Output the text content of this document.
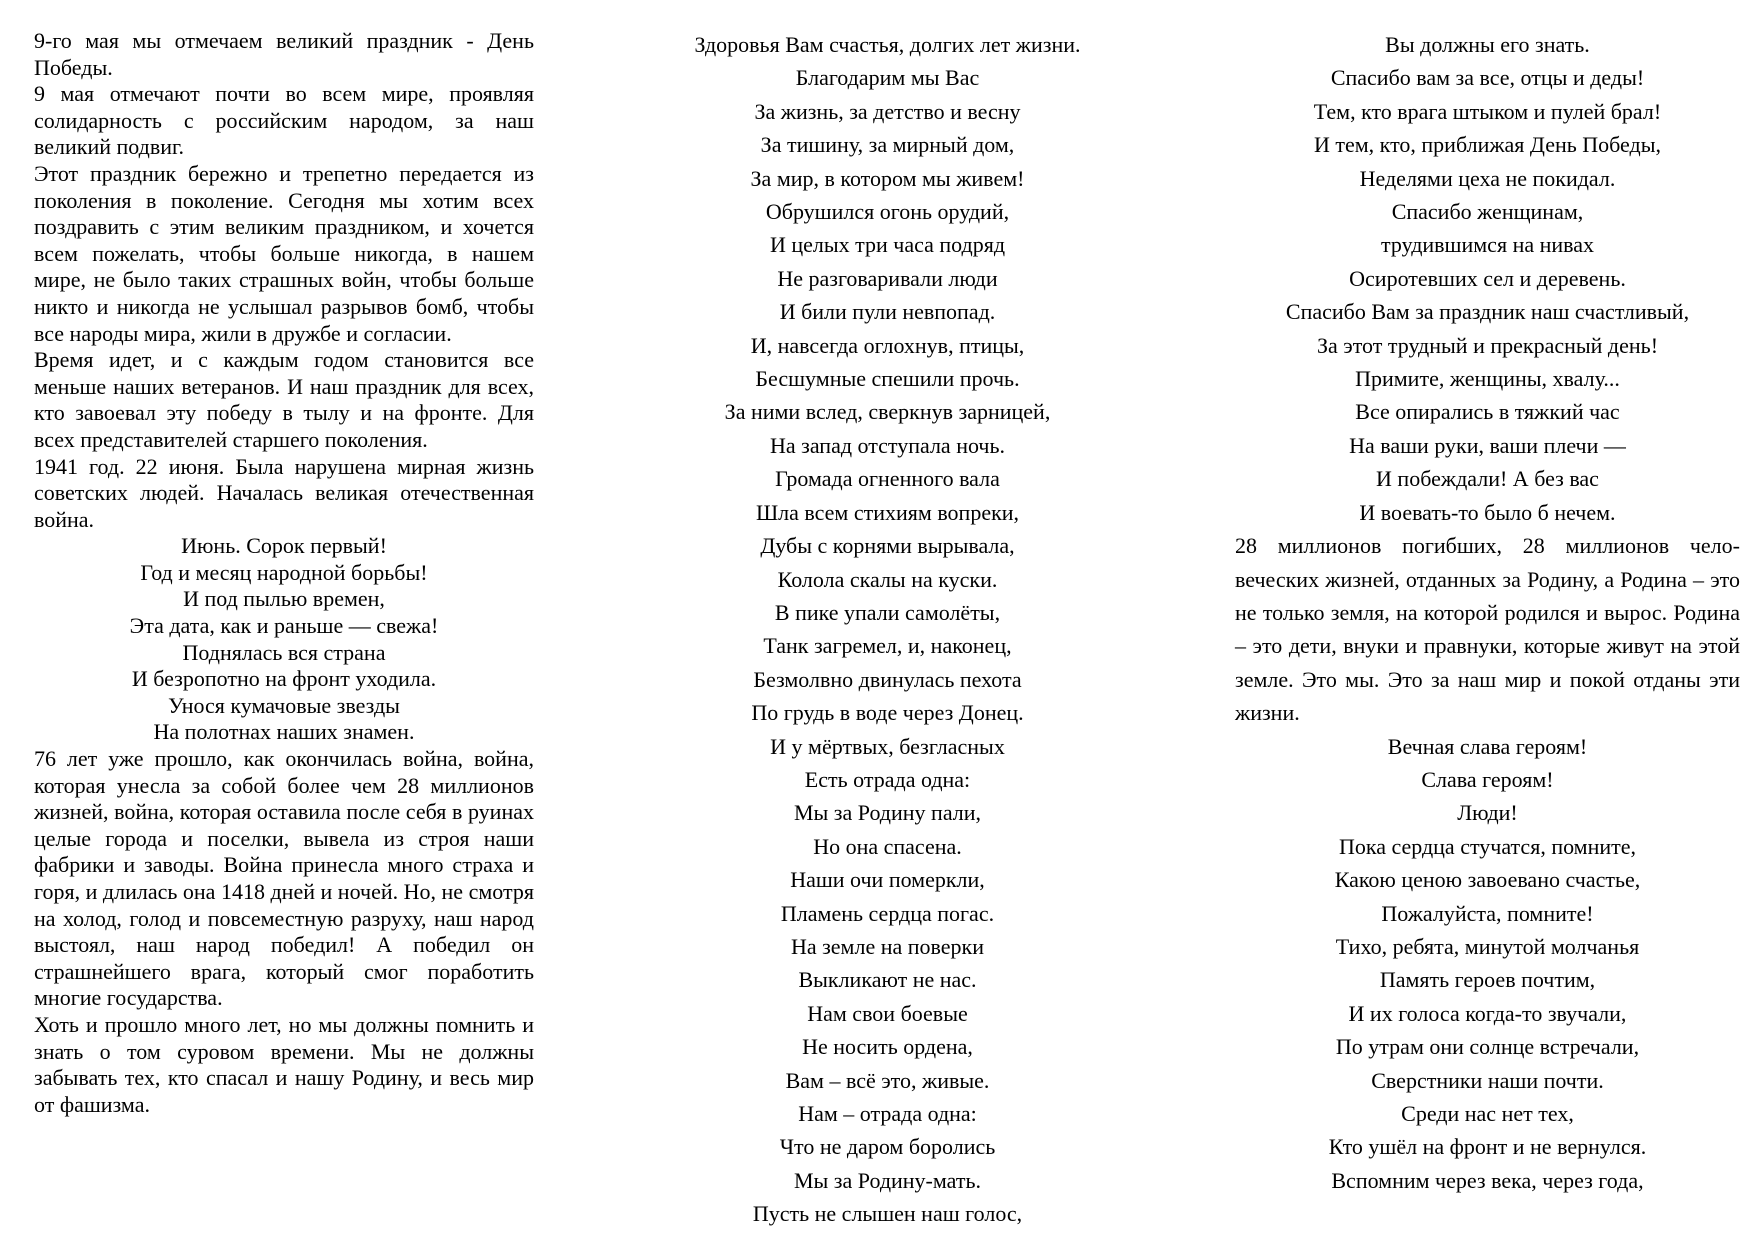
9-го мая мы отмечаем великий праздник - День Победы.

9 мая отмечают почти во всем мире, проявляя солидарность с российским народом, за наш великий подвиг.

Этот праздник бережно и трепетно передается из поколения в поколение. Сегодня мы хотим всех поздравить с этим великим праздником, и хочется всем пожелать, чтобы больше никогда, в нашем мире, не было таких страшных войн, чтобы больше никто и никогда не услышал разрывов бомб, чтобы все народы мира, жили в дружбе и согласии.

Время идет, и с каждым годом становится все меньше наших ветеранов. И наш праздник для всех, кто завоевал эту победу в тылу и на фронте. Для всех представителей старшего поколения.

1941 год. 22 июня. Была нарушена мирная жизнь советских людей. Началась великая отечественная война.

Июнь. Сорок первый!
Год и месяц народной борьбы!
И под пылью времен,
Эта дата, как и раньше — свежа!
Поднялась вся страна
И безропотно на фронт уходила.
Унося кумачовые звезды
На полотнах наших знамен.

76 лет уже прошло, как окончилась война, война, которая унесла за собой более чем 28 миллионов жизней, война, которая оставила после себя в руинах целые города и поселки, вывела из строя наши фабрики и заводы. Война принесла много страха и горя, и длилась она 1418 дней и ночей. Но, не смотря на холод, голод и повсеместную разруху, наш народ выстоял, наш народ победил! А победил он страшнейшего врага, который смог поработить многие государства.

Хоть и прошло много лет, но мы должны помнить и знать о том суровом времени. Мы не должны забывать тех, кто спасал и нашу Родину, и весь мир от фашизма.

Здоровья Вам счастья, долгих лет жизни.
Благодарим мы Вас
За жизнь, за детство и весну
За тишину, за мирный дом,
За мир, в котором мы живем!
Обрушился огонь орудий,
И целых три часа подряд
Не разговаривали люди
И били пули невпопад.
И, навсегда оглохнув, птицы,
Бесшумные спешили прочь.
За ними вслед, сверкнув зарницей,
На запад отступала ночь.
Громада огненного вала
Шла всем стихиям вопреки,
Дубы с корнями вырывала,
Колола скалы на куски.
В пике упали самолёты,
Танк загремел, и, наконец,
Безмолвно двинулась пехота
По грудь в воде через Донец.
И у мёртвых, безгласных
Есть отрада одна:
Мы за Родину пали,
Но она спасена.
Наши очи померкли,
Пламень сердца погас.
На земле на поверки
Выкликают не нас.
Нам свои боевые
Не носить ордена,
Вам – всё это, живые.
Нам – отрада одна:
Что не даром боролись
Мы за Родину-мать.
Пусть не слышен наш голос,
Вы должны его знать.
Спасибо вам за все, отцы и деды!
Тем, кто врага штыком и пулей брал!
И тем, кто, приближая День Победы,
Неделями цеха не покидал.
Спасибо женщинам,
трудившимся на нивах
Осиротевших сел и деревень.
Спасибо Вам за праздник наш счастливый,
За этот трудный и прекрасный день!
Примите, женщины, хвалу...
Все опирались в тяжкий час
На ваши руки, ваши плечи —
И побеждали! А без вас
И воевать-то было б нечем.

28 миллионов погибших, 28 миллионов человеческих жизней, отданных за Родину, а Родина – это не только земля, на которой родился и вырос. Родина – это дети, внуки и правнуки, которые живут на этой земле. Это мы. Это за наш мир и покой отданы эти жизни.

Вечная слава героям!
Слава героям!
Люди!
Пока сердца стучатся, помните,
Какою ценою завоевано счастье,
Пожалуйста, помните!
Тихо, ребята, минутой молчанья
Память героев почтим,
И их голоса когда-то звучали,
По утрам они солнце встречали,
Сверстники наши почти.
Среди нас нет тех,
Кто ушёл на фронт и не вернулся.
Вспомним через века, через года,
